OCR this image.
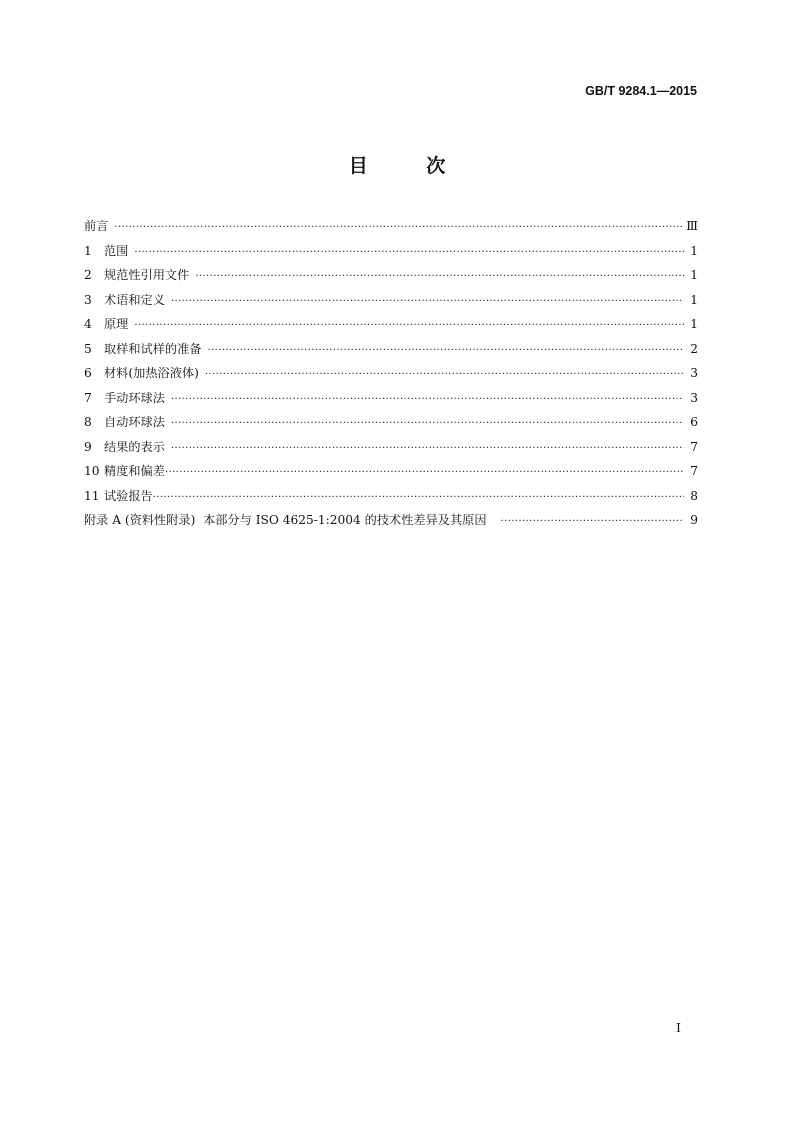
GB/T 9284.1—2015
目 次
前言 ·····	Ⅲ
1	范围 ·····	1
2	规范性引用文件 ·····	1
3	术语和定义 ·····	1
4	原理 ·····	1
5	取样和试样的准备 ·····	2
6	材料(加热浴液体) ·····	3
7	手动环球法 ·····	3
8	自动环球法 ·····	6
9	结果的表示 ·····	7
10 精度和偏差 ·····	7
11 试验报告 ·····	8
附录 A (资料性附录)  本部分与 ISO 4625-1:2004 的技术性差异及其原因 ·····	9
I
